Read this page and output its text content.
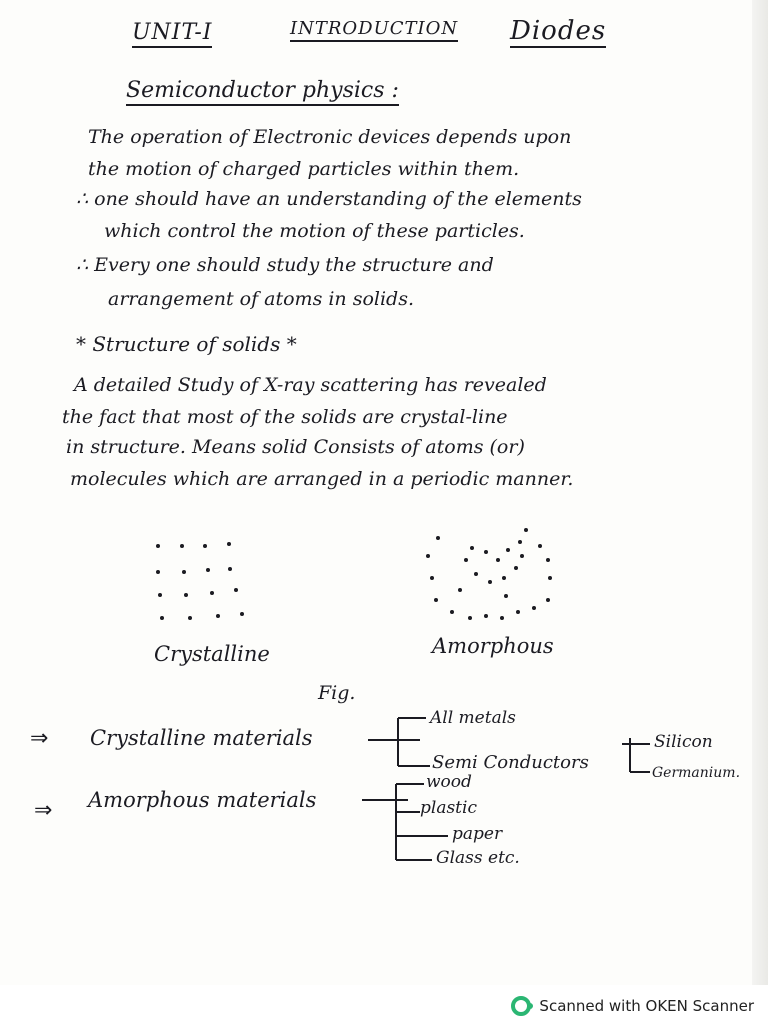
UNIT-I	INTRODUCTION Diodes
Semiconductor physics :
The operation of Electronic devices depends upon
the motion of charged particles within them.
∴ one should have an understanding of the elements
which control the motion of these particles.
∴ Every one should study the structure and
arrangement of atoms in solids.
* Structure of solids *
A detailed Study of X-ray scattering has revealed
the fact that most of the solids are crystal-line
in structure. Means solid Consists of atoms (or)
molecules which are arranged in a periodic manner.
Crystalline	Amorphous
Fig.
⇒ Crystalline materials
All metals
Semi Conductors
Silicon
Germanium.
⇒ Amorphous materials
wood
plastic
paper
Glass etc.
Scanned with OKEN Scanner
